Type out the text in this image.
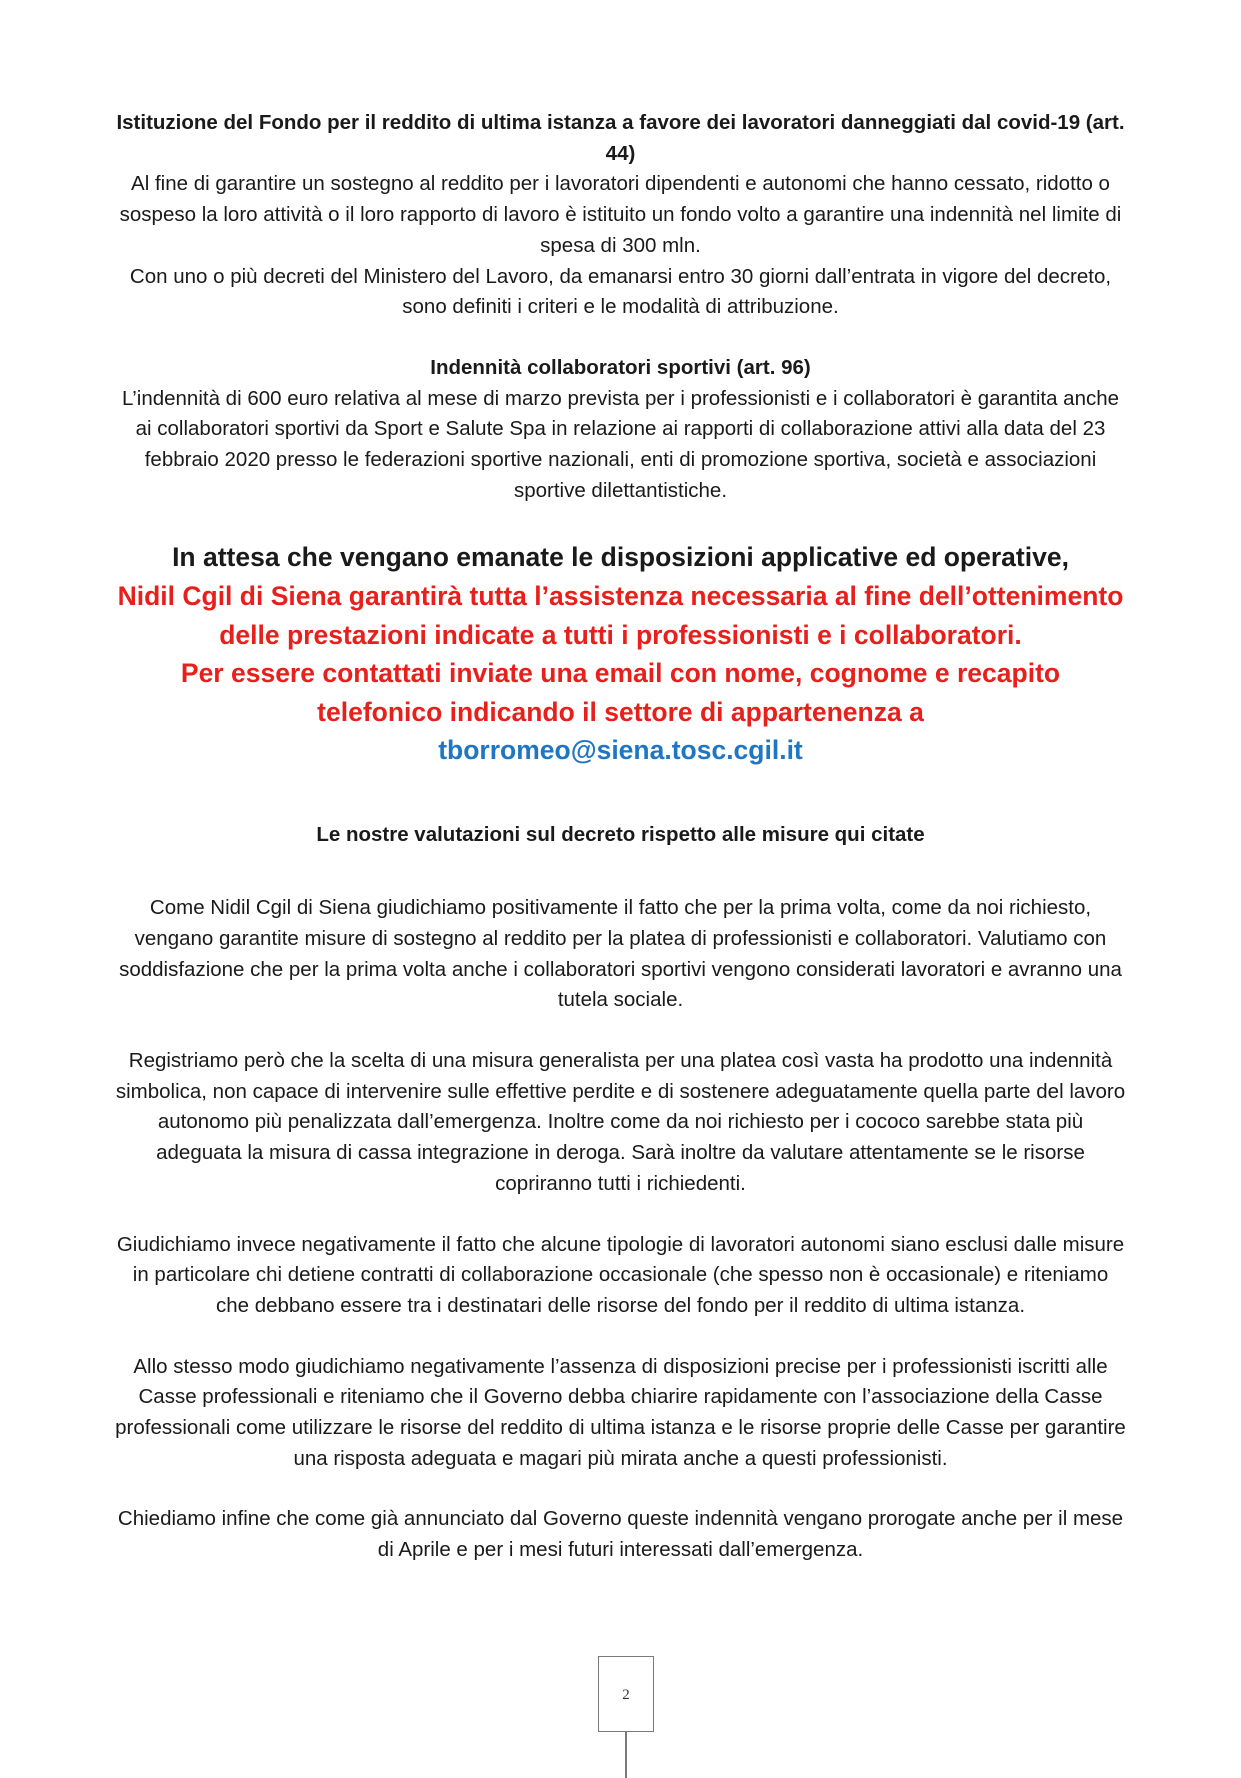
Istituzione del Fondo per il reddito di ultima istanza a favore dei lavoratori danneggiati dal covid-19 (art. 44)

Al fine di garantire un sostegno al reddito per i lavoratori dipendenti e autonomi che hanno cessato, ridotto o sospeso la loro attività o il loro rapporto di lavoro è istituito un fondo volto a garantire una indennità nel limite di spesa di 300 mln.

Con uno o più decreti del Ministero del Lavoro, da emanarsi entro 30 giorni dall’entrata in vigore del decreto, sono definiti i criteri e le modalità di attribuzione.

Indennità collaboratori sportivi (art. 96)

L’indennità di 600 euro relativa al mese di marzo prevista per i professionisti e i collaboratori è garantita anche ai collaboratori sportivi da Sport e Salute Spa in relazione ai rapporti di collaborazione attivi alla data del 23 febbraio 2020 presso le federazioni sportive nazionali, enti di promozione sportiva, società e associazioni sportive dilettantistiche.

In attesa che vengano emanate le disposizioni applicative ed operative,
Nidil Cgil di Siena garantirà tutta l’assistenza necessaria al fine dell’ottenimento delle prestazioni indicate a tutti i professionisti e i collaboratori.
Per essere contattati inviate una email con nome, cognome e recapito telefonico indicando il settore di appartenenza a
tborromeo@siena.tosc.cgil.it

Le nostre valutazioni sul decreto rispetto alle misure qui citate

Come Nidil Cgil di Siena giudichiamo positivamente il fatto che per la prima volta, come da noi richiesto, vengano garantite misure di sostegno al reddito per la platea di professionisti e collaboratori. Valutiamo con soddisfazione che per la prima volta anche i collaboratori sportivi vengono considerati lavoratori e avranno una tutela sociale.

Registriamo però che la scelta di una misura generalista per una platea così vasta ha prodotto una indennità simbolica, non capace di intervenire sulle effettive perdite e di sostenere adeguatamente quella parte del lavoro autonomo più penalizzata dall’emergenza. Inoltre come da noi richiesto per i cococo sarebbe stata più adeguata la misura di cassa integrazione in deroga. Sarà inoltre da valutare attentamente se le risorse copriranno tutti i richiedenti.

Giudichiamo invece negativamente il fatto che alcune tipologie di lavoratori autonomi siano esclusi dalle misure in particolare chi detiene contratti di collaborazione occasionale (che spesso non è occasionale) e riteniamo che debbano essere tra i destinatari delle risorse del fondo per il reddito di ultima istanza.

Allo stesso modo giudichiamo negativamente l’assenza di disposizioni precise per i professionisti iscritti alle Casse professionali e riteniamo che il Governo debba chiarire rapidamente con l’associazione della Casse professionali come utilizzare le risorse del reddito di ultima istanza e le risorse proprie delle Casse per garantire una risposta adeguata e magari più mirata anche a questi professionisti.

Chiediamo infine che come già annunciato dal Governo queste indennità vengano prorogate anche per il mese di Aprile e per i mesi futuri interessati dall’emergenza.

2
